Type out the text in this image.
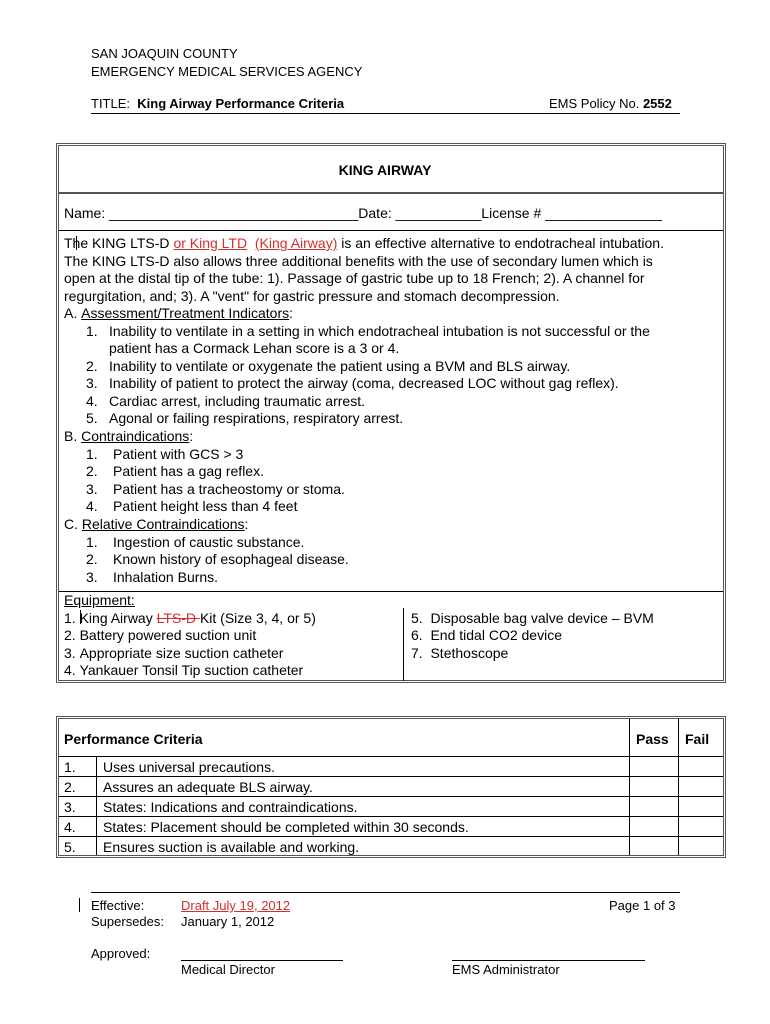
SAN JOAQUIN COUNTY
EMERGENCY MEDICAL SERVICES AGENCY
TITLE: King Airway Performance Criteria	EMS Policy No. 2552
KING AIRWAY
Name: ________________________________Date: ___________License # _______________
The KING LTS-D or King LTD (King Airway) is an effective alternative to endotracheal intubation.
The KING LTS-D also allows three additional benefits with the use of secondary lumen which is
open at the distal tip of the tube: 1). Passage of gastric tube up to 18 French; 2). A channel for
regurgitation, and; 3). A "vent" for gastric pressure and stomach decompression.
A. Assessment/Treatment Indicators:
1. Inability to ventilate in a setting in which endotracheal intubation is not successful or the
patient has a Cormack Lehan score is a 3 or 4.
2. Inability to ventilate or oxygenate the patient using a BVM and BLS airway.
3. Inability of patient to protect the airway (coma, decreased LOC without gag reflex).
4. Cardiac arrest, including traumatic arrest.
5. Agonal or failing respirations, respiratory arrest.
B. Contraindications:
1. Patient with GCS > 3
2. Patient has a gag reflex.
3. Patient has a tracheostomy or stoma.
4. Patient height less than 4 feet
C. Relative Contraindications:
1. Ingestion of caustic substance.
2. Known history of esophageal disease.
3. Inhalation Burns.
Equipment:
1. King Airway LTS-D Kit (Size 3, 4, or 5)
2. Battery powered suction unit
3. Appropriate size suction catheter
4. Yankauer Tonsil Tip suction catheter
5. Disposable bag valve device – BVM
6. End tidal CO2 device
7. Stethoscope
Performance Criteria	Pass Fail
1. Uses universal precautions.
2. Assures an adequate BLS airway.
3. States: Indications and contraindications.
4. States: Placement should be completed within 30 seconds.
5. Ensures suction is available and working.
Effective:	Draft July 19, 2012
Supersedes: January 1, 2012
Page 1 of 3
Approved:
Medical Director	EMS Administrator
